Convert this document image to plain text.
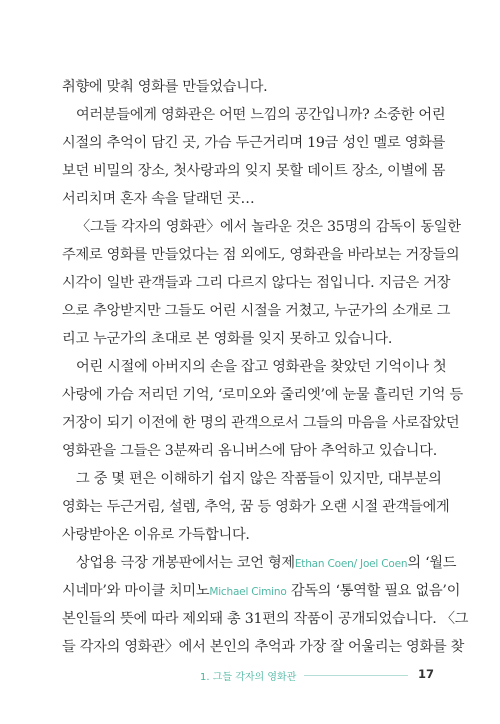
취향에 맞춰 영화를 만들었습니다.
여러분들에게 영화관은 어떤 느낌의 공간입니까? 소중한 어린
시절의 추억이 담긴 곳, 가슴 두근거리며 19금 성인 멜로 영화를
보던 비밀의 장소, 첫사랑과의 잊지 못할 데이트 장소, 이별에 몸
서리치며 혼자 속을 달래던 곳…
〈그들 각자의 영화관〉에서 놀라운 것은 35명의 감독이 동일한
주제로 영화를 만들었다는 점 외에도, 영화관을 바라보는 거장들의
시각이 일반 관객들과 그리 다르지 않다는 점입니다. 지금은 거장
으로 추앙받지만 그들도 어린 시절을 거쳤고, 누군가의 소개로 그
리고 누군가의 초대로 본 영화를 잊지 못하고 있습니다.
어린 시절에 아버지의 손을 잡고 영화관을 찾았던 기억이나 첫
사랑에 가슴 저리던 기억, ‘로미오와 줄리엣’에 눈물 흘리던 기억 등
거장이 되기 이전에 한 명의 관객으로서 그들의 마음을 사로잡았던
영화관을 그들은 3분짜리 옴니버스에 담아 추억하고 있습니다.
그 중 몇 편은 이해하기 쉽지 않은 작품들이 있지만, 대부분의
영화는 두근거림, 설렘, 추억, 꿈 등 영화가 오랜 시절 관객들에게
사랑받아온 이유로 가득합니다.
상업용 극장 개봉판에서는 코언 형제Ethan Coen/ Joel Coen의 ‘월드
시네마’와 마이클 치미노Michael Cimino 감독의 ‘통역할 필요 없음’이
본인들의 뜻에 따라 제외돼 총 31편의 작품이 공개되었습니다. 〈그
들 각자의 영화관〉에서 본인의 추억과 가장 잘 어울리는 영화를 찾
1. 그들 각자의 영화관	17
